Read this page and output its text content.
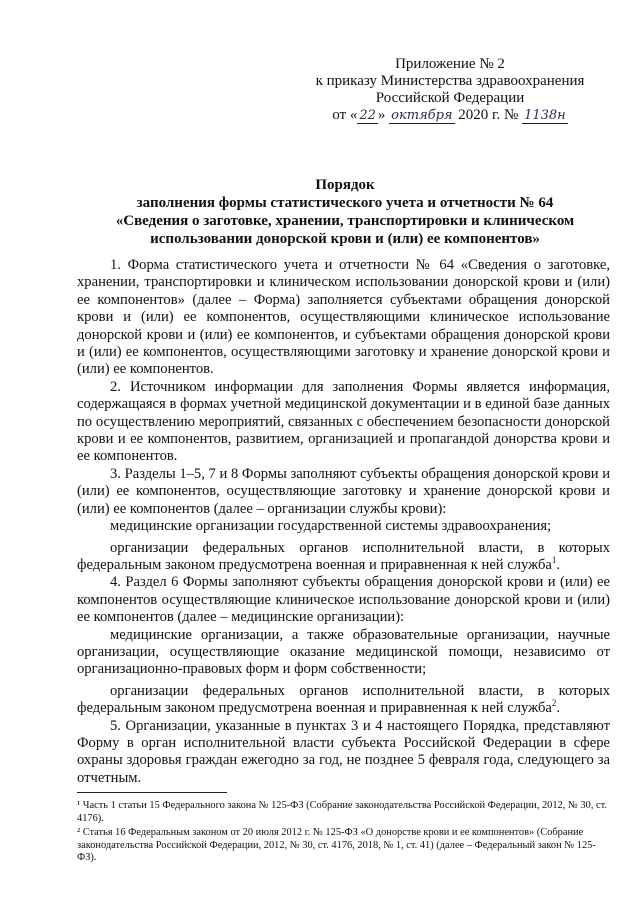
Приложение № 2
к приказу Министерства здравоохранения
Российской Федерации
от « 22 » октября 2020 г. № 1138н
Порядок
заполнения формы статистического учета и отчетности № 64
«Сведения о заготовке, хранении, транспортировки и клиническом
использовании донорской крови и (или) ее компонентов»

1. Форма статистического учета и отчетности № 64 «Сведения о заготовке, хранении, транспортировки и клиническом использовании донорской крови и (или) ее компонентов» (далее – Форма) заполняется субъектами обращения донорской крови и (или) ее компонентов, осуществляющими клиническое использование донорской крови и (или) ее компонентов, и субъектами обращения донорской крови и (или) ее компонентов, осуществляющими заготовку и хранение донорской крови и (или) ее компонентов.

2. Источником информации для заполнения Формы является информация, содержащаяся в формах учетной медицинской документации и в единой базе данных по осуществлению мероприятий, связанных с обеспечением безопасности донорской крови и ее компонентов, развитием, организацией и пропагандой донорства крови и ее компонентов.

3. Разделы 1–5, 7 и 8 Формы заполняют субъекты обращения донорской крови и (или) ее компонентов, осуществляющие заготовку и хранение донорской крови и (или) ее компонентов (далее – организации службы крови):

медицинские организации государственной системы здравоохранения;

организации федеральных органов исполнительной власти, в которых федеральным законом предусмотрена военная и приравненная к ней служба$^1$.

4. Раздел 6 Формы заполняют субъекты обращения донорской крови и (или) ее компонентов осуществляющие клиническое использование донорской крови и (или) ее компонентов (далее – медицинские организации):

медицинские организации, а также образовательные организации, научные организации, осуществляющие оказание медицинской помощи, независимо от организационно-правовых форм и форм собственности;

организации федеральных органов исполнительной власти, в которых федеральным законом предусмотрена военная и приравненная к ней служба$^2$.

5. Организации, указанные в пунктах 3 и 4 настоящего Порядка, представляют Форму в орган исполнительной власти субъекта Российской Федерации в сфере охраны здоровья граждан ежегодно за год, не позднее 5 февраля года, следующего за отчетным.

¹ Часть 1 статьи 15 Федерального закона № 125-ФЗ (Собрание законодательства Российской Федерации, 2012, № 30, ст. 4176).

² Статья 16 Федеральным законом от 20 июля 2012 г. № 125-ФЗ «О донорстве крови и ее компонентов» (Собрание законодательства Российской Федерации, 2012, № 30, ст. 4176, 2018, № 1, ст. 41) (далее – Федеральный закон № 125-ФЗ).
